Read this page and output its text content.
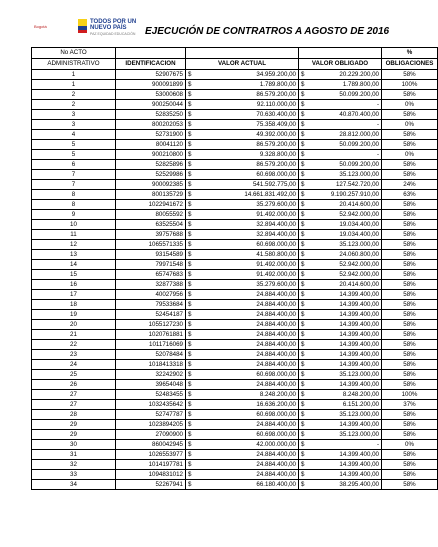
Bogotá
TODOS POR UN
NUEVO PAÍS
PAZ EQUIDAD EDUCACIÓN EJECUCIÓN DE CONTRATROS A AGOSTO DE 2016
No ACTO				%
ADMINISTRATIVO	IDENTIFICACION	VALOR ACTUAL	VALOR OBLIGADO	OBLIGACIONES
1	52907675	$ 34.959.200,00	$ 20.229.200,00	58%
1	900091899	$ 1.789.800,00	$ 1.789.800,00	100%
2	53000608	$ 86.579.200,00	$ 50.099.200,00	58%
2	900250044	$ 92.110.000,00	$ -	0%
3	52835250	$ 70.630.400,00	$ 40.870.400,00	58%
3	800202053	$ 75.358.409,00	$ -	0%
4	52731900	$ 49.392.000,00	$ 28.812.000,00	58%
5	80041120	$ 86.579.200,00	$ 50.099.200,00	58%
5	900210800	$ 9.328.800,00	$ -	0%
6	52825896	$ 86.579.200,00	$ 50.099.200,00	58%
7	52529986	$ 60.698.000,00	$ 35.123.000,00	58%
7	900092385	$ 541.592.775,00	$ 127.542.720,00	24%
8	800135729	$ 14.661.831.492,00	$ 9.190.257.910,00	63%
8	1022941672	$ 35.279.600,00	$ 20.414.600,00	58%
9	80055592	$ 91.492.000,00	$ 52.942.000,00	58%
10	63525504	$ 32.894.400,00	$ 19.034.400,00	58%
11	39757688	$ 32.894.400,00	$ 19.034.400,00	58%
12	1065571335	$ 60.698.000,00	$ 35.123.000,00	58%
13	93154589	$ 41.580.800,00	$ 24.060.800,00	58%
14	79971548	$ 91.492.000,00	$ 52.942.000,00	58%
15	65747683	$ 91.492.000,00	$ 52.942.000,00	58%
16	32877388	$ 35.279.600,00	$ 20.414.600,00	58%
17	40027956	$ 24.884.400,00	$ 14.399.400,00	58%
18	79533684	$ 24.884.400,00	$ 14.399.400,00	58%
19	52454187	$ 24.884.400,00	$ 14.399.400,00	58%
20	1055127230	$ 24.884.400,00	$ 14.399.400,00	58%
21	1020761881	$ 24.884.400,00	$ 14.399.400,00	58%
22	1011716069	$ 24.884.400,00	$ 14.399.400,00	58%
23	52078484	$ 24.884.400,00	$ 14.399.400,00	58%
24	1018413318	$ 24.884.400,00	$ 14.399.400,00	58%
25	32242902	$ 60.698.000,00	$ 35.123.000,00	58%
26	39654048	$ 24.884.400,00	$ 14.399.400,00	58%
27	52483455	$ 8.248.200,00	$ 8.248.200,00	100%
27	1032435642	$ 16.636.200,00	$ 6.151.200,00	37%
28	52747787	$ 60.698.000,00	$ 35.123.000,00	58%
29	1023894205	$ 24.884.400,00	$ 14.399.400,00	58%
29	27090900	$ 60.698.000,00	$ 35.123.000,00	58%
30	860042945	$ 42.000.000,00	$ -	0%
31	1026553977	$ 24.884.400,00	$ 14.399.400,00	58%
32	1014197781	$ 24.884.400,00	$ 14.399.400,00	58%
33	1094831012	$ 24.884.400,00	$ 14.399.400,00	58%
34	52267941	$ 66.180.400,00	$ 38.295.400,00	58%
